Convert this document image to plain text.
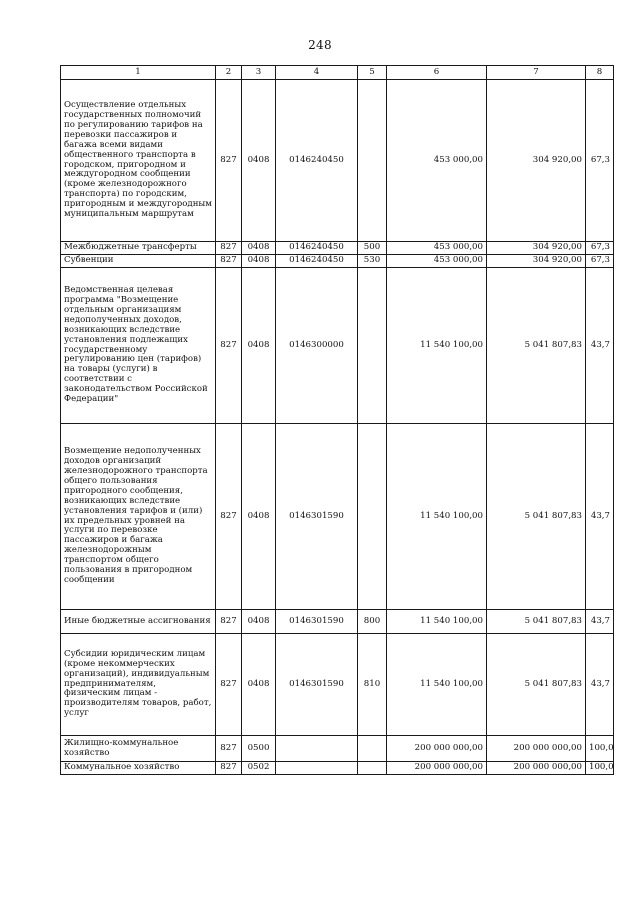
248
1	2	3	4	5	6	7	8
Осуществление отдельных государственных полномочий по регулированию тарифов на перевозки пассажиров и багажа всеми видами общественного транспорта в городском, пригородном и междугородном сообщении (кроме железнодорожного транспорта) по городским, пригородным и междугородным муниципальным маршрутам	827	0408	0146240450		453 000,00	304 920,00	67,3
Межбюджетные трансферты	827	0408	0146240450	500	453 000,00	304 920,00	67,3
Субвенции	827	0408	0146240450	530	453 000,00	304 920,00	67,3
Ведомственная целевая программа "Возмещение отдельным организациям недополученных доходов, возникающих вследствие установления подлежащих государственному регулированию цен (тарифов) на товары (услуги) в соответствии с законодательством Российской Федерации"	827	0408	0146300000		11 540 100,00	5 041 807,83	43,7
Возмещение недополученных доходов организаций железнодорожного транспорта общего пользования пригородного сообщения, возникающих вследствие установления тарифов и (или) их предельных уровней на услуги по перевозке пассажиров и багажа железнодорожным транспортом общего пользования в пригородном сообщении	827	0408	0146301590		11 540 100,00	5 041 807,83	43,7
Иные бюджетные ассигнования	827	0408	0146301590	800	11 540 100,00	5 041 807,83	43,7
Субсидии юридическим лицам (кроме некоммерческих организаций), индивидуальным предпринимателям, физическим лицам - производителям товаров, работ, услуг	827	0408	0146301590	810	11 540 100,00	5 041 807,83	43,7
Жилищно-коммунальное хозяйство	827	0500			200 000 000,00	200 000 000,00	100,0
Коммунальное хозяйство	827	0502			200 000 000,00	200 000 000,00	100,0
